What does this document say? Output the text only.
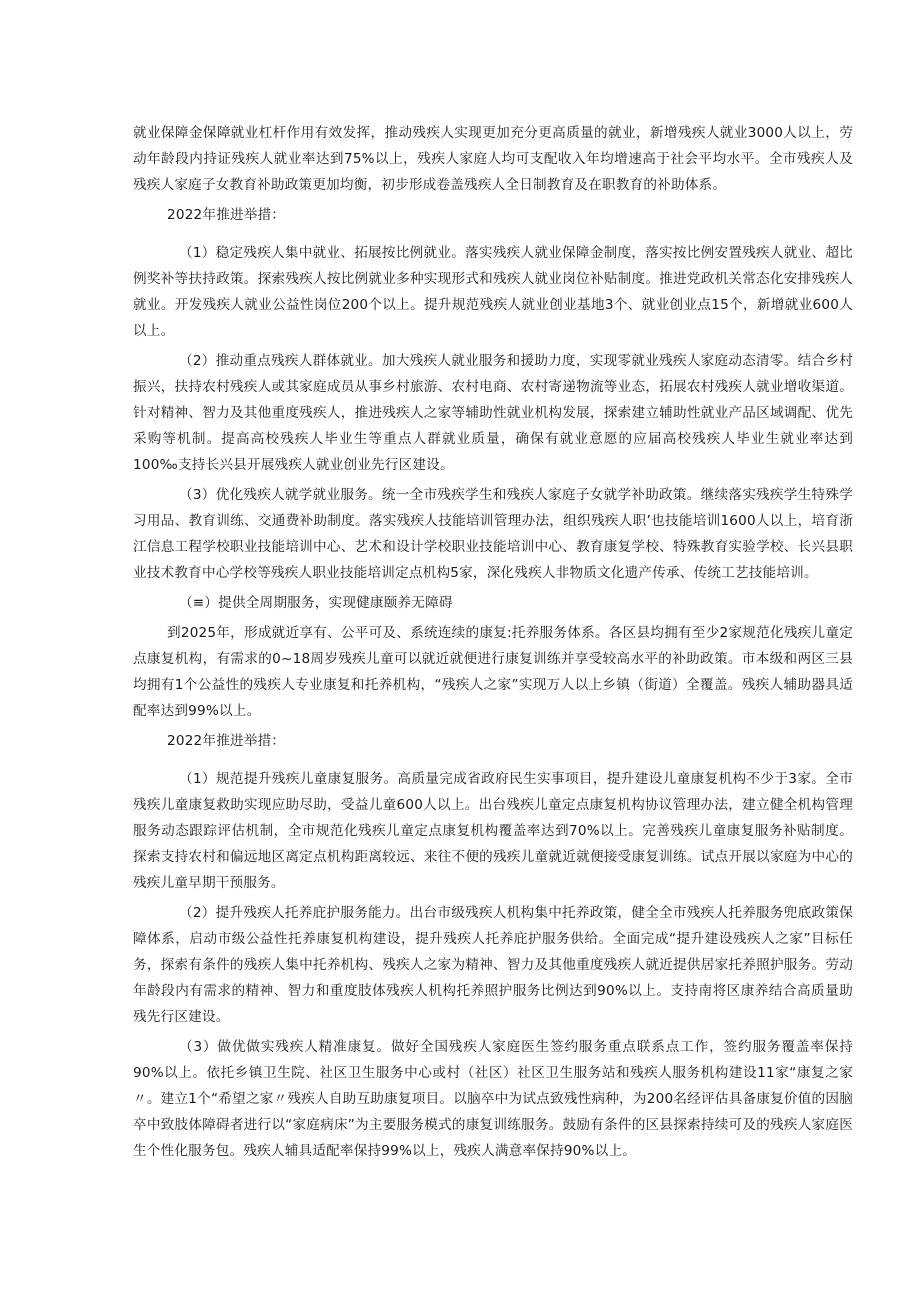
就业保障金保障就业杠杆作用有效发挥，推动残疾人实现更加充分更高质量的就业，新增残疾人就业3000人以上，劳动年龄段内持证残疾人就业率达到75%以上，残疾人家庭人均可支配收入年均增速高于社会平均水平。全市残疾人及残疾人家庭子女教育补助政策更加均衡，初步形成卷盖残疾人全日制教育及在职教育的补助体系。

2022年推进举措：

（1）稳定残疾人集中就业、拓展按比例就业。落实残疾人就业保障金制度，落实按比例安置残疾人就业、超比例奖补等扶持政策。探索残疾人按比例就业多种实现形式和残疾人就业岗位补贴制度。推进党政机关常态化安排残疾人就业。开发残疾人就业公益性岗位200个以上。提升规范残疾人就业创业基地3个、就业创业点15个，新增就业600人以上。

（2）推动重点残疾人群体就业。加大残疾人就业服务和援助力度，实现零就业残疾人家庭动态清零。结合乡村振兴，扶持农村残疾人或其家庭成员从事乡村旅游、农村电商、农村寄递物流等业态，拓展农村残疾人就业增收渠道。针对精神、智力及其他重度残疾人，推进残疾人之家等辅助性就业机构发展，探索建立辅助性就业产品区域调配、优先采购等机制。提高高校残疾人毕业生等重点人群就业质量，确保有就业意愿的应届高校残疾人毕业生就业率达到100‰支持长兴县开展残疾人就业创业先行区建设。

（3）优化残疾人就学就业服务。统一全市残疾学生和残疾人家庭子女就学补助政策。继续落实残疾学生特殊学习用品、教育训练、交通费补助制度。落实残疾人技能培训管理办法，组织残疾人职’也技能培训1600人以上，培育浙江信息工程学校职业技能培训中心、艺术和设计学校职业技能培训中心、教育康复学校、特殊教育实验学校、长兴县职业技术教育中心学校等残疾人职业技能培训定点机构5家，深化残疾人非物质文化遗产传承、传统工艺技能培训。

（≡）提供全周期服务，实现健康颐养无障碍

到2025年，形成就近享有、公平可及、系统连续的康复:托养服务体系。各区县均拥有至少2家规范化残疾儿童定点康复机构，有需求的0~18周岁残疾儿童可以就近就便进行康复训练并享受较高水平的补助政策。市本级和两区三县均拥有1个公益性的残疾人专业康复和托养机构，“残疾人之家”实现万人以上乡镇（街道）全覆盖。残疾人辅助器具适配率达到99%以上。

2022年推进举措：

（1）规范提升残疾儿童康复服务。高质量完成省政府民生实事项目，提升建设儿童康复机构不少于3家。全市残疾儿童康复救助实现应助尽助，受益儿童600人以上。出台残疾儿童定点康复机构协议管理办法，建立健全机构管理服务动态跟踪评估机制，全市规范化残疾儿童定点康复机构覆盖率达到70%以上。完善残疾儿童康复服务补贴制度。探索支持农村和偏远地区离定点机构距离较远、来往不便的残疾儿童就近就便接受康复训练。试点开展以家庭为中心的残疾儿童早期干预服务。

（2）提升残疾人托养庇护服务能力。出台市级残疾人机构集中托养政策，健全全市残疾人托养服务兜底政策保障体系，启动市级公益性托养康复机构建设，提升残疾人托养庇护服务供给。全面完成“提升建设残疾人之家”目标任务，探索有条件的残疾人集中托养机构、残疾人之家为精神、智力及其他重度残疾人就近提供居家托养照护服务。劳动年龄段内有需求的精神、智力和重度肢体残疾人机构托养照护服务比例达到90%以上。支持南将区康养结合高质量助残先行区建设。

（3）做优做实残疾人精准康复。做好全国残疾人家庭医生签约服务重点联系点工作，签约服务覆盖率保持90%以上。依托乡镇卫生院、社区卫生服务中心或村（社区）社区卫生服务站和残疾人服务机构建设11家“康复之家〃。建立1个“希望之家〃残疾人自助互助康复项目。以脑卒中为试点致残性病种，为200名经评估具备康复价值的因脑卒中致肢体障碍者进行以“家庭病床”为主要服务模式的康复训练服务。鼓励有条件的区县探索持续可及的残疾人家庭医生个性化服务包。残疾人辅具适配率保持99%以上，残疾人满意率保持90%以上。
